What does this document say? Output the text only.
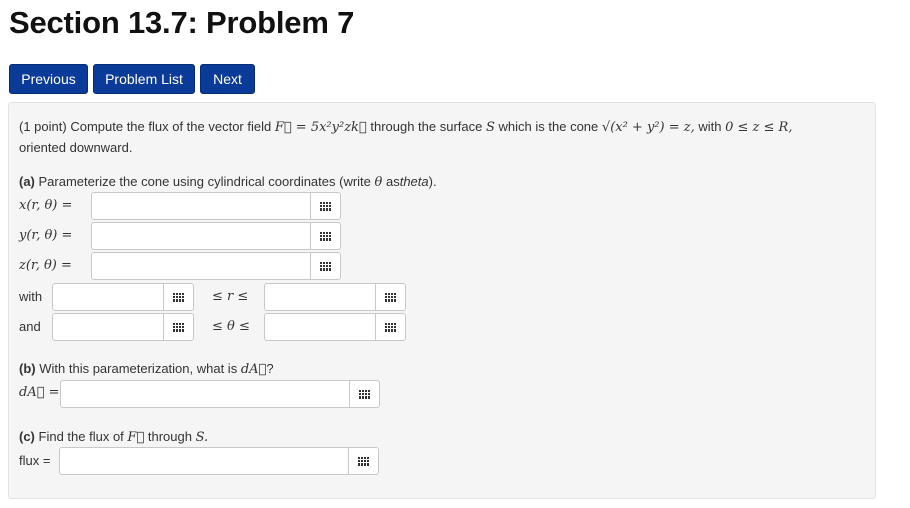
Section 13.7: Problem 7
Previous	Problem List	Next
(1 point) Compute the flux of the vector field F⃗ = 5x²y²zk⃗ through the surface S which is the cone √(x² + y²) = z, with 0 ≤ z ≤ R,
oriented downward.
(a) Parameterize the cone using cylindrical coordinates (write θ astheta).
x(r, θ) =
y(r, θ) =
z(r, θ) =
with	≤ r ≤
and	≤ θ ≤
(b) With this parameterization, what is dA⃗?
dA⃗ =
(c) Find the flux of F⃗ through S.
flux =
